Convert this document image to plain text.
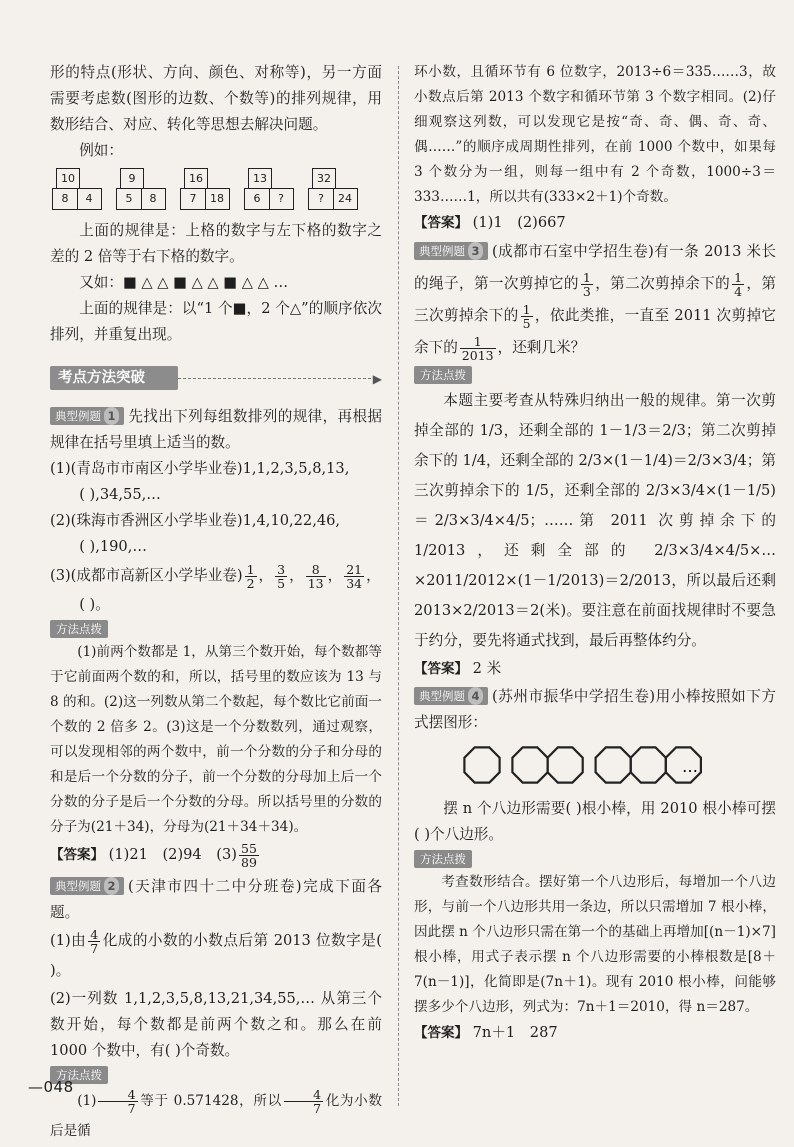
形的特点(形状、方向、颜色、对称等)，另一方面需要考虑数(图形的边数、个数等)的排列规律，用数形结合、对应、转化等思想去解决问题。

例如：

10
8	4
9
5	8
16
7	18
13
6	?
32
?	24

上面的规律是：上格的数字与左下格的数字之差的 2 倍等于右下格的数字。

又如：■ △ △ ■ △ △ ■ △ △ …

上面的规律是：以“1 个■，2 个△”的顺序依次排列，并重复出现。

考点方法突破	▶

典型例题 1 先找出下列每组数排列的规律，再根据规律在括号里填上适当的数。

(1)(青岛市市南区小学毕业卷)1,1,2,3,5,8,13,

( ),34,55,…

(2)(珠海市香洲区小学毕业卷)1,4,10,22,46,

( ),190,…

(3)(成都市高新区小学毕业卷) $\frac{1}{2}$ ， $\frac{3}{5}$ ， $\frac{8}{13}$ ， $\frac{21}{34}$ ，

( )。

方法点拨

(1)前两个数都是 1，从第三个数开始，每个数都等于它前面两个数的和，所以，括号里的数应该为 13 与 8 的和。(2)这一列数从第二个数起，每个数比它前面一个数的 2 倍多 2。(3)这是一个分数数列，通过观察，可以发现相邻的两个数中，前一个分数的分子和分母的和是后一个分数的分子，前一个分数的分母加上后一个分数的分子是后一个分数的分母。所以括号里的分数的分子为(21＋34)，分母为(21＋34＋34)。

【答案】 (1)21　(2)94　$(3) \frac{55}{89}$

典型例题 2 (天津市四十二中分班卷)完成下面各题。

(1)由 $\frac{4}{7}$ 化成的小数的小数点后第 2013 位数字是( )。

(2)一列数 1,1,2,3,5,8,13,21,34,55,… 从第三个数开始，每个数都是前两个数之和。那么在前 1000 个数中，有( )个奇数。

方法点拨

$(1) \frac{4}{7}$ 等于 0.571428，所以 $\frac{4}{7}$ 化为小数后是循

环小数，且循环节有 6 位数字，2013÷6＝335……3，故小数点后第 2013 个数字和循环节第 3 个数字相同。(2)仔细观察这列数，可以发现它是按“奇、奇、偶、奇、奇、偶……”的顺序成周期性排列，在前 1000 个数中，如果每 3 个数分为一组，则每一组中有 2 个奇数，1000÷3＝333……1，所以共有(333×2＋1)个奇数。

【答案】 (1)1　(2)667

典型例题 3 (成都市石室中学招生卷)有一条 2013 米长的绳子，第一次剪掉它的 $\frac{1}{3}$ ，第二次剪掉余下的 $\frac{1}{4}$ ，第三次剪掉余下的 $\frac{1}{5}$ ，依此类推，一直至 2011 次剪掉它余下的 $\frac{1}{2013}$ ，还剩几米？

方法点拨

本题主要考查从特殊归纳出一般的规律。第一次剪掉全部的 1/3，还剩全部的 1－1/3＝2/3；第二次剪掉余下的 1/4，还剩全部的 2/3×(1－1/4)＝2/3×3/4；第三次剪掉余下的 1/5，还剩全部的 2/3×3/4×(1－1/5)＝2/3×3/4×4/5；……第 2011 次剪掉余下的 1/2013，还剩全部的 2/3×3/4×4/5×…×2011/2012×(1－1/2013)＝2/2013，所以最后还剩 2013×2/2013＝2(米)。要注意在前面找规律时不要急于约分，要先将通式找到，最后再整体约分。

【答案】 2 米

典型例题 4 (苏州市振华中学招生卷)用小棒按照如下方式摆图形：

…

摆 n 个八边形需要( )根小棒，用 2010 根小棒可摆( )个八边形。

方法点拨

考查数形结合。摆好第一个八边形后，每增加一个八边形，与前一个八边形共用一条边，所以只需增加 7 根小棒，因此摆 n 个八边形只需在第一个的基础上再增加[(n－1)×7]根小棒，用式子表示摆 n 个八边形需要的小棒根数是[8＋7(n－1)]，化简即是(7n＋1)。现有 2010 根小棒，问能够摆多少个八边形，列式为：7n＋1＝2010，得 n＝287。

【答案】 7n＋1　287

—048
